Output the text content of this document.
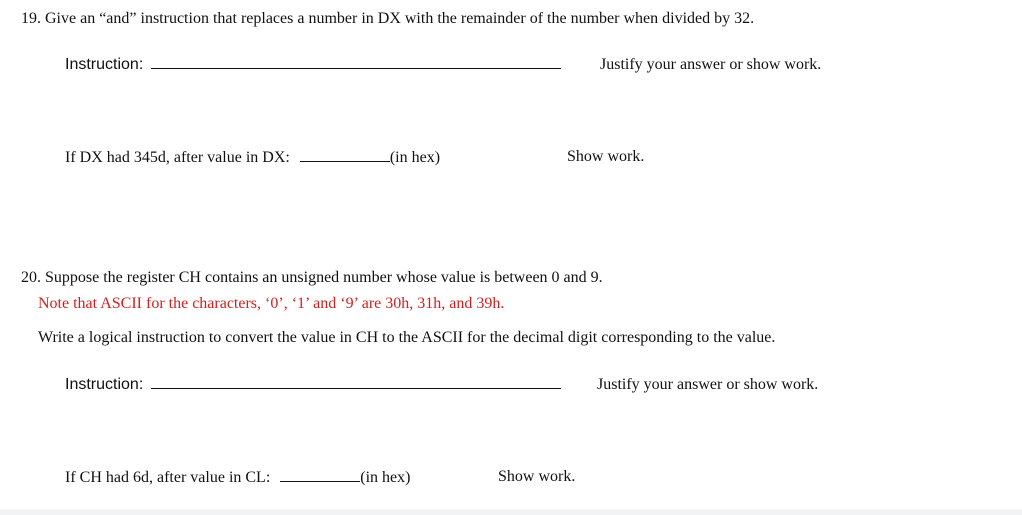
19. Give an “and” instruction that replaces a number in DX with the remainder of the number when divided by 32.
Instruction:	Justify your answer or show work.
If DX had 345d, after value in DX:	(in hex)	Show work.
20. Suppose the register CH contains an unsigned number whose value is between 0 and 9.
Note that ASCII for the characters, ‘0’, ‘1’ and ‘9’ are 30h, 31h, and 39h.
Write a logical instruction to convert the value in CH to the ASCII for the decimal digit corresponding to the value.
Instruction:	Justify your answer or show work.
If CH had 6d, after value in CL:	(in hex)	Show work.
